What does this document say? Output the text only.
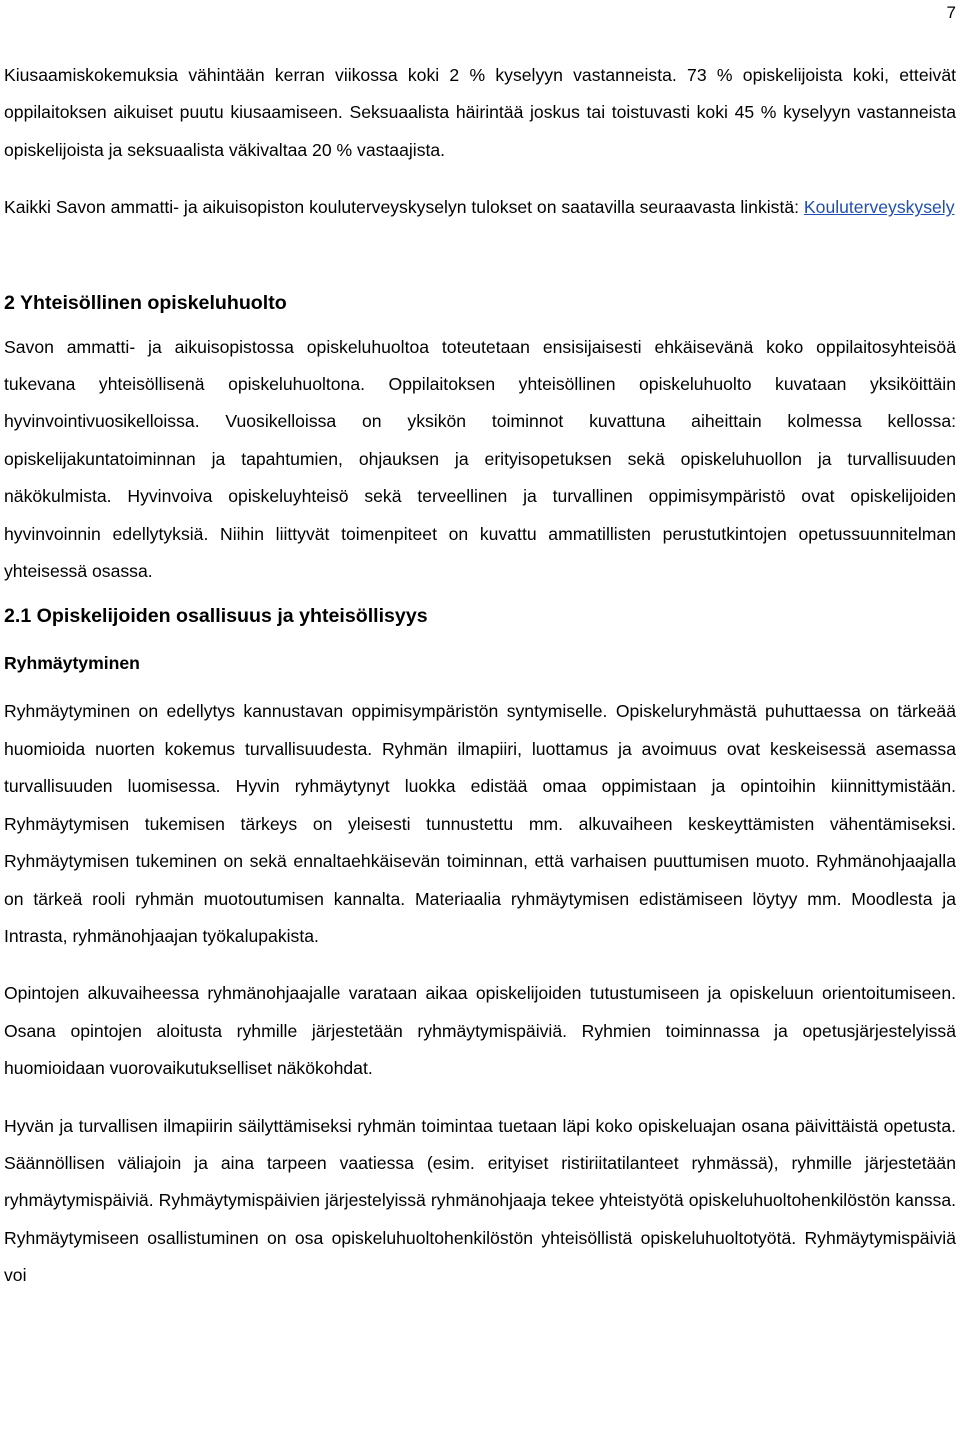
7

Kiusaamiskokemuksia vähintään kerran viikossa koki 2 % kyselyyn vastanneista. 73 % opiskelijoista koki, etteivät oppilaitoksen aikuiset puutu kiusaamiseen. Seksuaalista häirintää joskus tai toistuvasti koki 45 % kyselyyn vastanneista opiskelijoista ja seksuaalista väkivaltaa 20 % vastaajista.

Kaikki Savon ammatti- ja aikuisopiston kouluterveyskyselyn tulokset on saatavilla seuraavasta linkistä: Kouluterveyskysely

2 Yhteisöllinen opiskeluhuolto

Savon ammatti- ja aikuisopistossa opiskeluhuoltoa toteutetaan ensisijaisesti ehkäisevänä koko oppilaitosyhteisöä tukevana yhteisöllisenä opiskeluhuoltona. Oppilaitoksen yhteisöllinen opiskeluhuolto kuvataan yksiköittäin hyvinvointivuosikelloissa. Vuosikelloissa on yksikön toiminnot kuvattuna aiheittain kolmessa kellossa: opiskelijakuntatoiminnan ja tapahtumien, ohjauksen ja erityisopetuksen sekä opiskeluhuollon ja turvallisuuden näkökulmista. Hyvinvoiva opiskeluyhteisö sekä terveellinen ja turvallinen oppimisympäristö ovat opiskelijoiden hyvinvoinnin edellytyksiä. Niihin liittyvät toimenpiteet on kuvattu ammatillisten perustutkintojen opetussuunnitelman yhteisessä osassa.

2.1 Opiskelijoiden osallisuus ja yhteisöllisyys
Ryhmäytyminen

Ryhmäytyminen on edellytys kannustavan oppimisympäristön syntymiselle. Opiskeluryhmästä puhuttaessa on tärkeää huomioida nuorten kokemus turvallisuudesta. Ryhmän ilmapiiri, luottamus ja avoimuus ovat keskeisessä asemassa turvallisuuden luomisessa. Hyvin ryhmäytynyt luokka edistää omaa oppimistaan ja opintoihin kiinnittymistään. Ryhmäytymisen tukemisen tärkeys on yleisesti tunnustettu mm. alkuvaiheen keskeyttämisten vähentämiseksi. Ryhmäytymisen tukeminen on sekä ennaltaehkäisevän toiminnan, että varhaisen puuttumisen muoto. Ryhmänohjaajalla on tärkeä rooli ryhmän muotoutumisen kannalta. Materiaalia ryhmäytymisen edistämiseen löytyy mm. Moodlesta ja Intrasta, ryhmänohjaajan työkalupakista.

Opintojen alkuvaiheessa ryhmänohjaajalle varataan aikaa opiskelijoiden tutustumiseen ja opiskeluun orientoitumiseen. Osana opintojen aloitusta ryhmille järjestetään ryhmäytymispäiviä. Ryhmien toiminnassa ja opetusjärjestelyissä huomioidaan vuorovaikutukselliset näkökohdat.

Hyvän ja turvallisen ilmapiirin säilyttämiseksi ryhmän toimintaa tuetaan läpi koko opiskeluajan osana päivittäistä opetusta. Säännöllisen väliajoin ja aina tarpeen vaatiessa (esim. erityiset ristiriitatilanteet ryhmässä), ryhmille järjestetään ryhmäytymispäiviä. Ryhmäytymispäivien järjestelyissä ryhmänohjaaja tekee yhteistyötä opiskeluhuoltohenkilöstön kanssa. Ryhmäytymiseen osallistuminen on osa opiskeluhuoltohenkilöstön yhteisöllistä opiskeluhuoltotyötä. Ryhmäytymispäiviä voi
